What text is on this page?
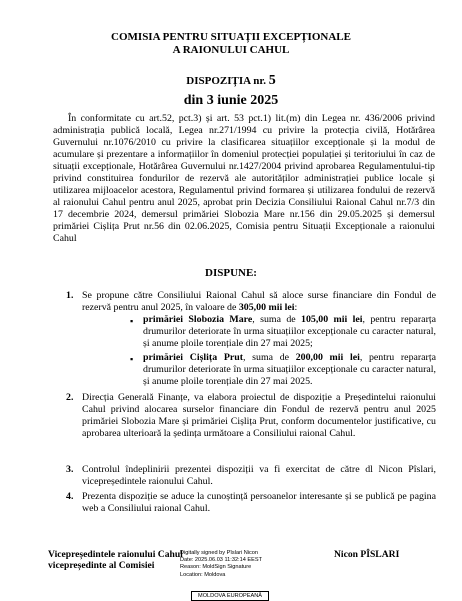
COMISIA PENTRU SITUAȚII EXCEPȚIONALE
A RAIONULUI CAHUL
DISPOZIȚIA nr. 5
din 3 iunie 2025

În conformitate cu art.52, pct.3) și art. 53 pct.1) lit.(m) din Legea nr. 436/2006 privind administrația publică locală, Legea nr.271/1994 cu privire la protecția civilă, Hotărârea Guvernului nr.1076/2010 cu privire la clasificarea situațiilor excepționale și la modul de acumulare și prezentare a informațiilor în domeniul protecției populației și teritoriului în caz de situații excepționale, Hotărârea Guvernului nr.1427/2004 privind aprobarea Regulamentului-tip privind constituirea fondurilor de rezervă ale autorităților administrației publice locale și utilizarea mijloacelor acestora, Regulamentul privind formarea și utilizarea fondului de rezervă al raionului Cahul pentru anul 2025, aprobat prin Decizia Consiliului Raional Cahul nr.7/3 din 17 decembrie 2024, demersul primăriei Slobozia Mare nr.156 din 29.05.2025 și demersul primăriei Cișlița Prut nr.56 din 02.06.2025, Comisia pentru Situații Excepționale a raionului Cahul

DISPUNE:
1. Se propune către Consiliului Raional Cahul să aloce surse financiare din Fondul de rezervă pentru anul 2025, în valoare de 305,00 mii lei:

▪ primăriei Slobozia Mare, suma de 105,00 mii lei, pentru repararța drumurilor deteriorate în urma situațiilor excepționale cu caracter natural, și anume ploile torențiale din 27 mai 2025;

▪ primăriei Cișlița Prut, suma de 200,00 mii lei, pentru repararța drumurilor deteriorate în urma situațiilor excepționale cu caracter natural, și anume ploile torențiale din 27 mai 2025.

2. Direcția Generală Finanțe, va elabora proiectul de dispoziție a Președintelui raionului Cahul privind alocarea surselor financiare din Fondul de rezervă pentru anul 2025 primăriei Slobozia Mare și primăriei Cișlița Prut, conform documentelor justificative, cu aprobarea ulterioară la ședința următoare a Consiliului raional Cahul.

3. Controlul îndeplinirii prezentei dispoziții va fi exercitat de către dl Nicon Pîslari, vicepreședintele raionului Cahul.

4. Prezenta dispoziție se aduce la cunoștință persoanelor interesante și se publică pe pagina web a Consiliului raional Cahul.

Vicepreședintele raionului Cahul
vicepreședinte al Comisiei
Digitally signed by Pîslari Nicon
Date: 2025.06.03 11:32:14 EEST
Reason: MoldSign Signature
Location: Moldova
MOLDOVA EUROPEANĂ
Nicon PÎSLARI
